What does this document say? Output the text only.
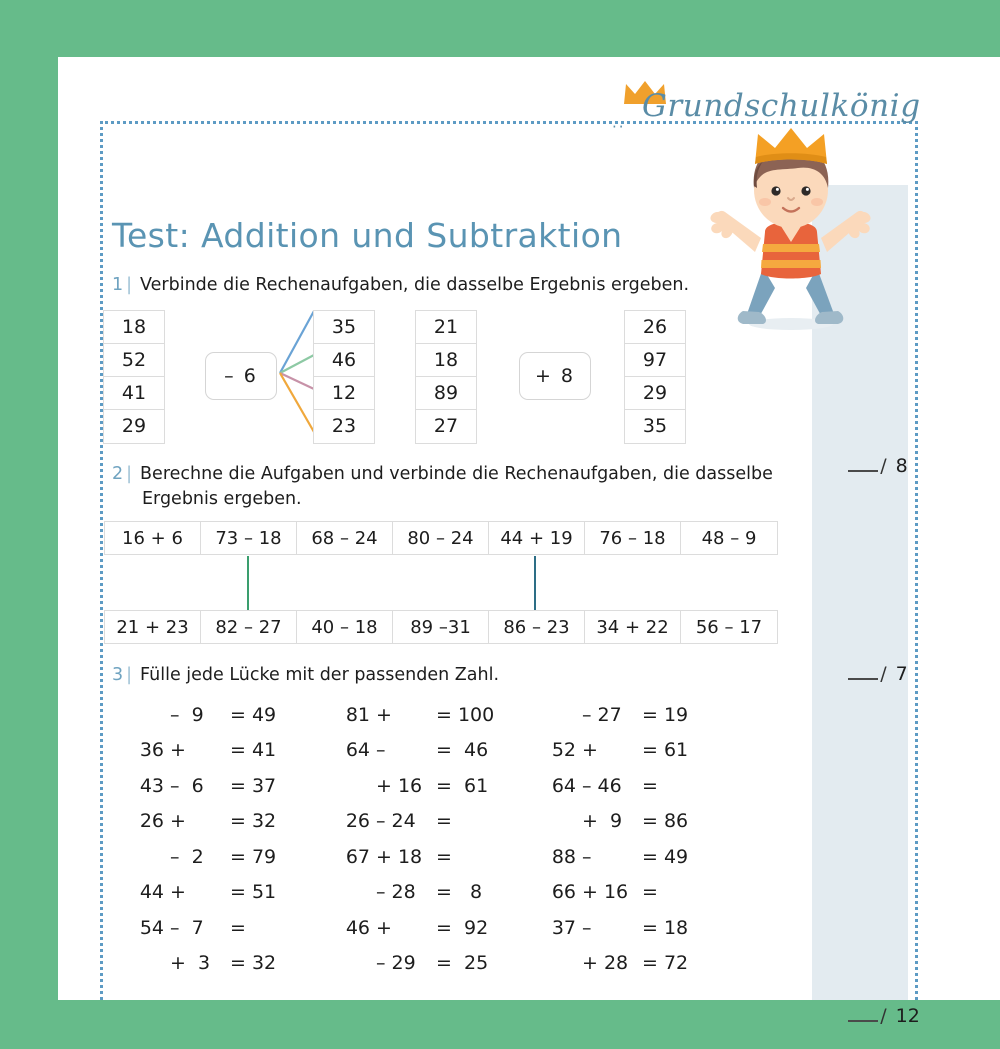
/ 8

/ 7

/ 12

··
Grundschulkönig
Test: Addition und Subtraktion
1 | Verbinde die Rechenaufgaben, die dasselbe Ergebnis ergeben.
18
52
41
29
– 6
35
46
12
23
21
18
89
27
+ 8
26
97
29
35
2 | Berechne die Aufgaben und verbinde die Rechenaufgaben, die dasselbe
Ergebnis ergeben.
16 + 6	73 – 18	68 – 24	80 – 24	44 + 19	76 – 18	48 – 9
21 + 23	82 – 27	40 – 18	89 –31	86 – 23	34 + 22	56 – 17
3 | Fülle jede Lücke mit der passenden Zahl.
–  9	= 49	81 +	= 100	– 27	= 19
36 +	= 41	64 –	=  46	52 +	= 61
43 –  6	= 37	+ 16 =  61	64 – 46	=
26 +	= 32	26 – 24	=	+  9	= 86
–  2	= 79	67 + 18 =	88 –	= 49
44 +	= 51	– 28	=   8	66 + 16 =
54 –  7	=	46 +	=  92	37 –	= 18
+  3	= 32	– 29	=  25	+ 28 = 72
